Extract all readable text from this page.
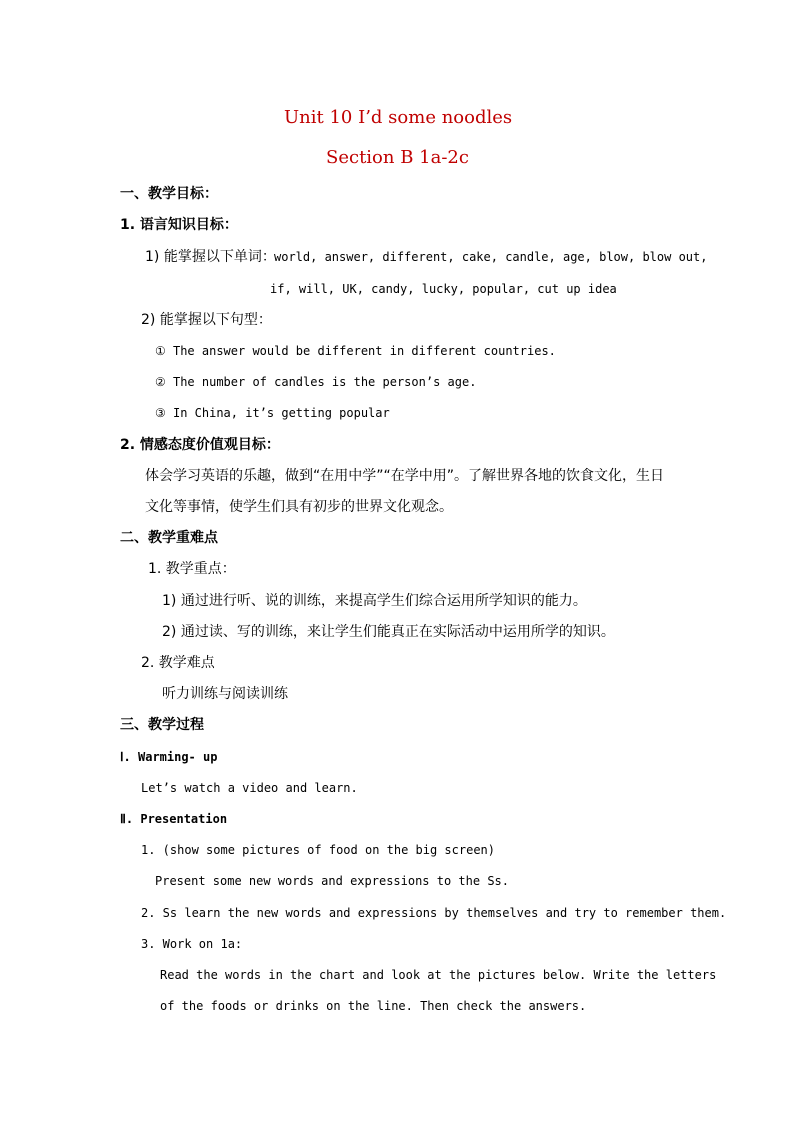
Unit 10 I’d some noodles
Section B 1a-2c
一、教学目标：
1. 语言知识目标：
1) 能掌握以下单词：
world, answer, different, cake, candle, age, blow, blow out,
if, will, UK, candy, lucky, popular, cut up idea
2) 能掌握以下句型：
① The answer would be different in different countries.
② The number of candles is the person’s age.
③ In China, it’s getting popular
2. 情感态度价值观目标：
体会学习英语的乐趣，做到“在用中学”“在学中用”。了解世界各地的饮食文化，生日
文化等事情，使学生们具有初步的世界文化观念。
二、教学重难点
1. 教学重点：
1) 通过进行听、说的训练，来提高学生们综合运用所学知识的能力。
2) 通过读、写的训练，来让学生们能真正在实际活动中运用所学的知识。
2. 教学难点
听力训练与阅读训练
三、教学过程
Ⅰ. Warming- up
Let’s watch a video and learn.
Ⅱ. Presentation
1. (show some pictures of food on the big screen)
Present some new words and expressions to the Ss.
2. Ss learn the new words and expressions by themselves and try to remember them.
3. Work on 1a:
Read the words in the chart and look at the pictures below. Write the letters
of the foods or drinks on the line. Then check the answers.
